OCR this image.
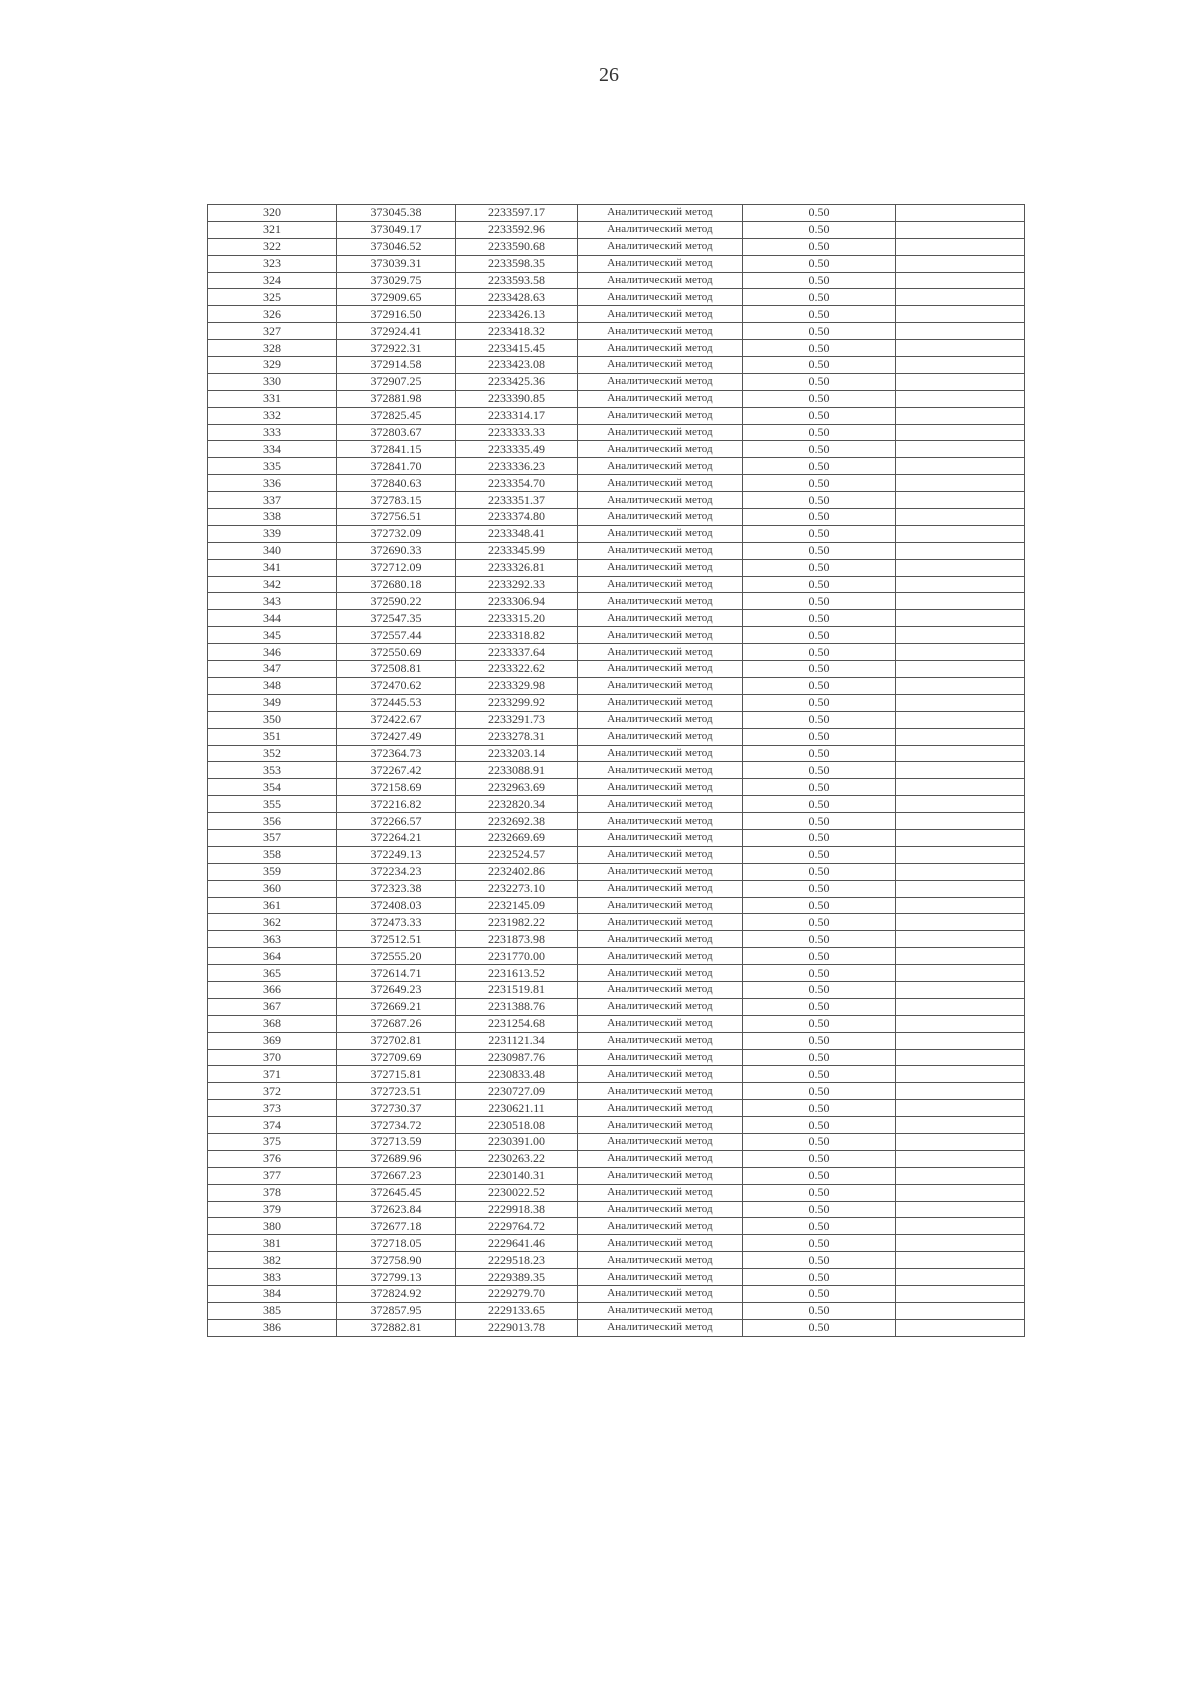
26
320	373045.38	2233597.17	Аналитический метод	0.50	
321	373049.17	2233592.96	Аналитический метод	0.50	
322	373046.52	2233590.68	Аналитический метод	0.50	
323	373039.31	2233598.35	Аналитический метод	0.50	
324	373029.75	2233593.58	Аналитический метод	0.50	
325	372909.65	2233428.63	Аналитический метод	0.50	
326	372916.50	2233426.13	Аналитический метод	0.50	
327	372924.41	2233418.32	Аналитический метод	0.50	
328	372922.31	2233415.45	Аналитический метод	0.50	
329	372914.58	2233423.08	Аналитический метод	0.50	
330	372907.25	2233425.36	Аналитический метод	0.50	
331	372881.98	2233390.85	Аналитический метод	0.50	
332	372825.45	2233314.17	Аналитический метод	0.50	
333	372803.67	2233333.33	Аналитический метод	0.50	
334	372841.15	2233335.49	Аналитический метод	0.50	
335	372841.70	2233336.23	Аналитический метод	0.50	
336	372840.63	2233354.70	Аналитический метод	0.50	
337	372783.15	2233351.37	Аналитический метод	0.50	
338	372756.51	2233374.80	Аналитический метод	0.50	
339	372732.09	2233348.41	Аналитический метод	0.50	
340	372690.33	2233345.99	Аналитический метод	0.50	
341	372712.09	2233326.81	Аналитический метод	0.50	
342	372680.18	2233292.33	Аналитический метод	0.50	
343	372590.22	2233306.94	Аналитический метод	0.50	
344	372547.35	2233315.20	Аналитический метод	0.50	
345	372557.44	2233318.82	Аналитический метод	0.50	
346	372550.69	2233337.64	Аналитический метод	0.50	
347	372508.81	2233322.62	Аналитический метод	0.50	
348	372470.62	2233329.98	Аналитический метод	0.50	
349	372445.53	2233299.92	Аналитический метод	0.50	
350	372422.67	2233291.73	Аналитический метод	0.50	
351	372427.49	2233278.31	Аналитический метод	0.50	
352	372364.73	2233203.14	Аналитический метод	0.50	
353	372267.42	2233088.91	Аналитический метод	0.50	
354	372158.69	2232963.69	Аналитический метод	0.50	
355	372216.82	2232820.34	Аналитический метод	0.50	
356	372266.57	2232692.38	Аналитический метод	0.50	
357	372264.21	2232669.69	Аналитический метод	0.50	
358	372249.13	2232524.57	Аналитический метод	0.50	
359	372234.23	2232402.86	Аналитический метод	0.50	
360	372323.38	2232273.10	Аналитический метод	0.50	
361	372408.03	2232145.09	Аналитический метод	0.50	
362	372473.33	2231982.22	Аналитический метод	0.50	
363	372512.51	2231873.98	Аналитический метод	0.50	
364	372555.20	2231770.00	Аналитический метод	0.50	
365	372614.71	2231613.52	Аналитический метод	0.50	
366	372649.23	2231519.81	Аналитический метод	0.50	
367	372669.21	2231388.76	Аналитический метод	0.50	
368	372687.26	2231254.68	Аналитический метод	0.50	
369	372702.81	2231121.34	Аналитический метод	0.50	
370	372709.69	2230987.76	Аналитический метод	0.50	
371	372715.81	2230833.48	Аналитический метод	0.50	
372	372723.51	2230727.09	Аналитический метод	0.50	
373	372730.37	2230621.11	Аналитический метод	0.50	
374	372734.72	2230518.08	Аналитический метод	0.50	
375	372713.59	2230391.00	Аналитический метод	0.50	
376	372689.96	2230263.22	Аналитический метод	0.50	
377	372667.23	2230140.31	Аналитический метод	0.50	
378	372645.45	2230022.52	Аналитический метод	0.50	
379	372623.84	2229918.38	Аналитический метод	0.50	
380	372677.18	2229764.72	Аналитический метод	0.50	
381	372718.05	2229641.46	Аналитический метод	0.50	
382	372758.90	2229518.23	Аналитический метод	0.50	
383	372799.13	2229389.35	Аналитический метод	0.50	
384	372824.92	2229279.70	Аналитический метод	0.50	
385	372857.95	2229133.65	Аналитический метод	0.50	
386	372882.81	2229013.78	Аналитический метод	0.50	
